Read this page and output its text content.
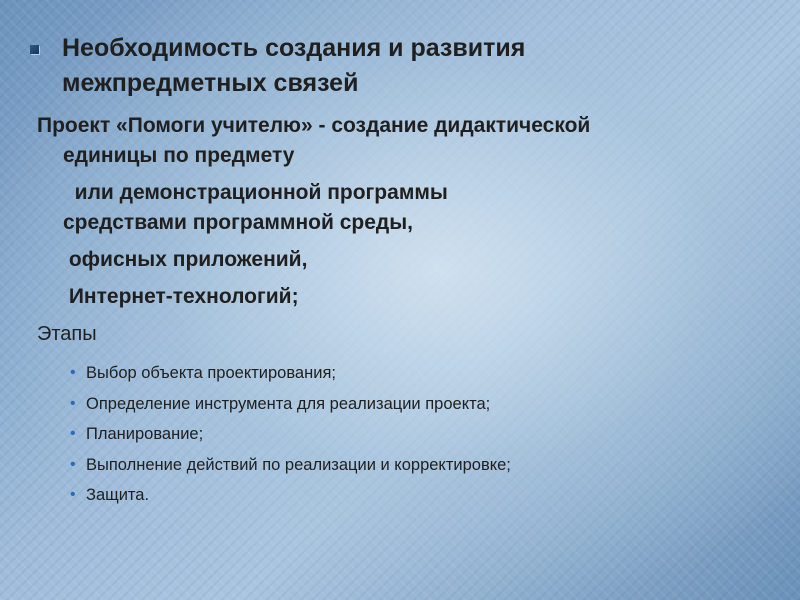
Необходимость создания и развития
межпредметных связей

Проект «Помоги учителю» - создание дидактической

единицы по предмету

или демонстрационной программы

средствами программной среды,

офисных приложений,

Интернет-технологий;

Этапы
• Выбор объекта проектирования;
• Определение инструмента для реализации проекта;
• Планирование;
• Выполнение действий по реализации и корректировке;
• Защита.
